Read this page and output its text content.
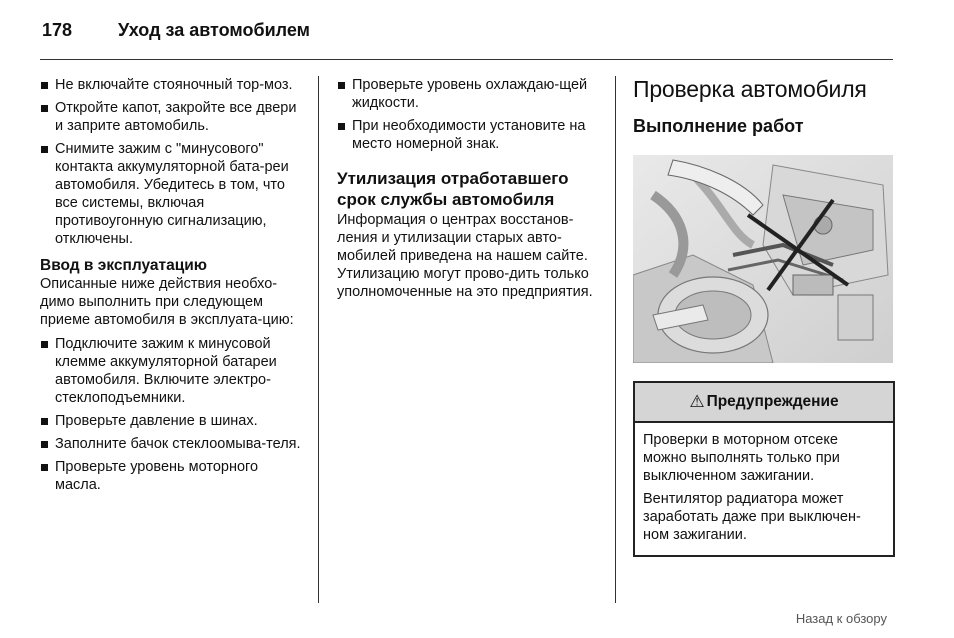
178	Уход за автомобилем
Не включайте стояночный тор-моз.
Откройте капот, закройте все двери и заприте автомобиль.
Снимите зажим с "минусового" контакта аккумуляторной бата-реи автомобиля. Убедитесь в том, что все системы, включая противоугонную сигнализацию, отключены.
Ввод в эксплуатацию

Описанные ниже действия необхо-димо выполнить при следующем приеме автомобиля в эксплуата-цию:

Подключите зажим к минусовой клемме аккумуляторной батареи автомобиля. Включите электро-стеклоподъемники.
Проверьте давление в шинах.
Заполните бачок стеклоомыва-теля.
Проверьте уровень моторного масла.
Проверьте уровень охлаждаю-щей жидкости.
При необходимости установите на место номерной знак.
Утилизация отработавшего срок службы автомобиля

Информация о центрах восстанов-ления и утилизации старых авто-мобилей приведена на нашем сайте. Утилизацию могут прово-дить только уполномоченные на это предприятия.

Проверка автомобиля
Выполнение работ
⚠ Предупреждение

Проверки в моторном отсеке можно выполнять только при выключенном зажигании.

Вентилятор радиатора может заработать даже при выключен-ном зажигании.

Назад к обзору
